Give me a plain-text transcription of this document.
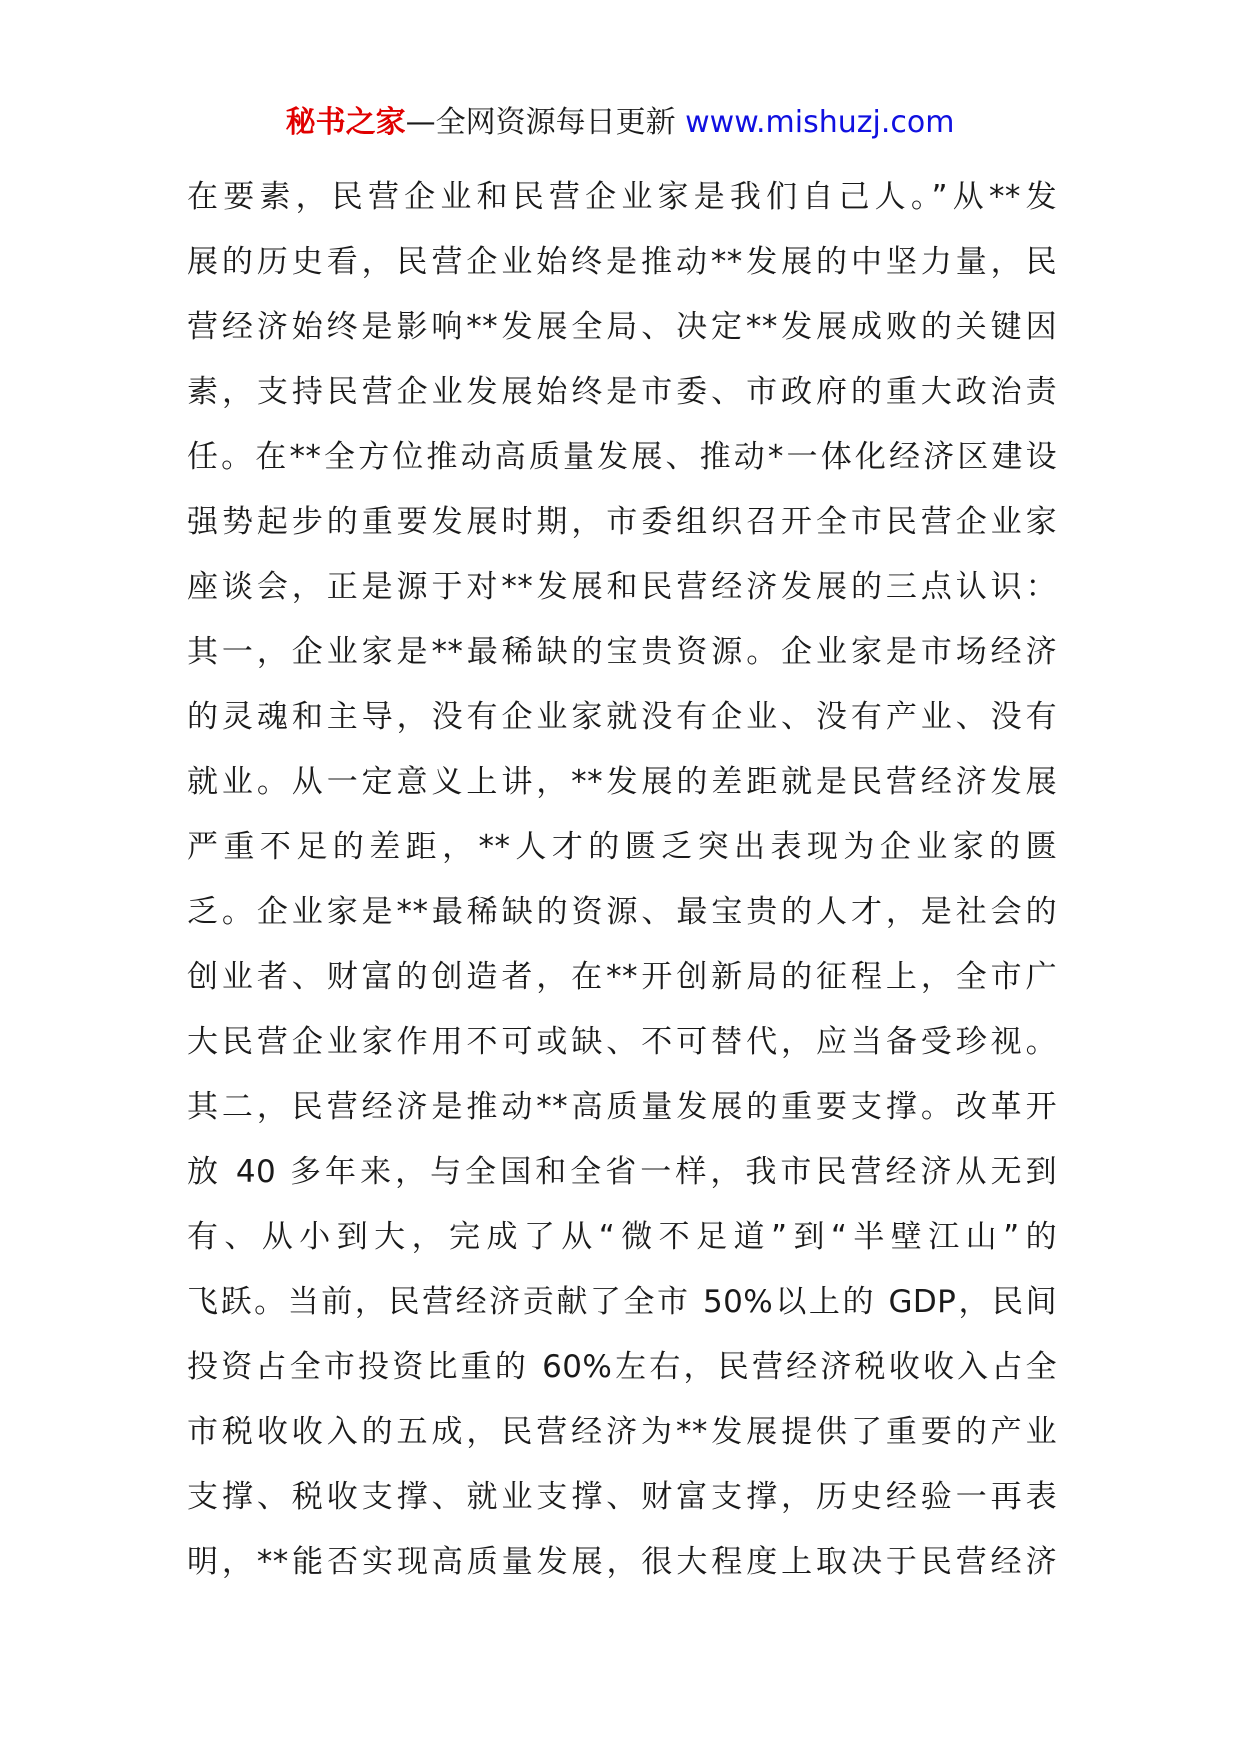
秘书之家—全网资源每日更新 www.mishuzj.com
在要素，民营企业和民营企业家是我们自己人。”从**发
展的历史看，民营企业始终是推动**发展的中坚力量，民
营经济始终是影响**发展全局、决定**发展成败的关键因
素，支持民营企业发展始终是市委、市政府的重大政治责
任。在**全方位推动高质量发展、推动*一体化经济区建设
强势起步的重要发展时期，市委组织召开全市民营企业家
座谈会，正是源于对**发展和民营经济发展的三点认识：
其一，企业家是**最稀缺的宝贵资源。企业家是市场经济
的灵魂和主导，没有企业家就没有企业、没有产业、没有
就业。从一定意义上讲，**发展的差距就是民营经济发展
严重不足的差距，**人才的匮乏突出表现为企业家的匮
乏。企业家是**最稀缺的资源、最宝贵的人才，是社会的
创业者、财富的创造者，在**开创新局的征程上，全市广
大民营企业家作用不可或缺、不可替代，应当备受珍视。
其二，民营经济是推动**高质量发展的重要支撑。改革开
放 40 多年来，与全国和全省一样，我市民营经济从无到
有、从小到大，完成了从“微不足道”到“半壁江山”的
飞跃。当前，民营经济贡献了全市 50%以上的 GDP，民间
投资占全市投资比重的 60%左右，民营经济税收收入占全
市税收收入的五成，民营经济为**发展提供了重要的产业
支撑、税收支撑、就业支撑、财富支撑，历史经验一再表
明，**能否实现高质量发展，很大程度上取决于民营经济
